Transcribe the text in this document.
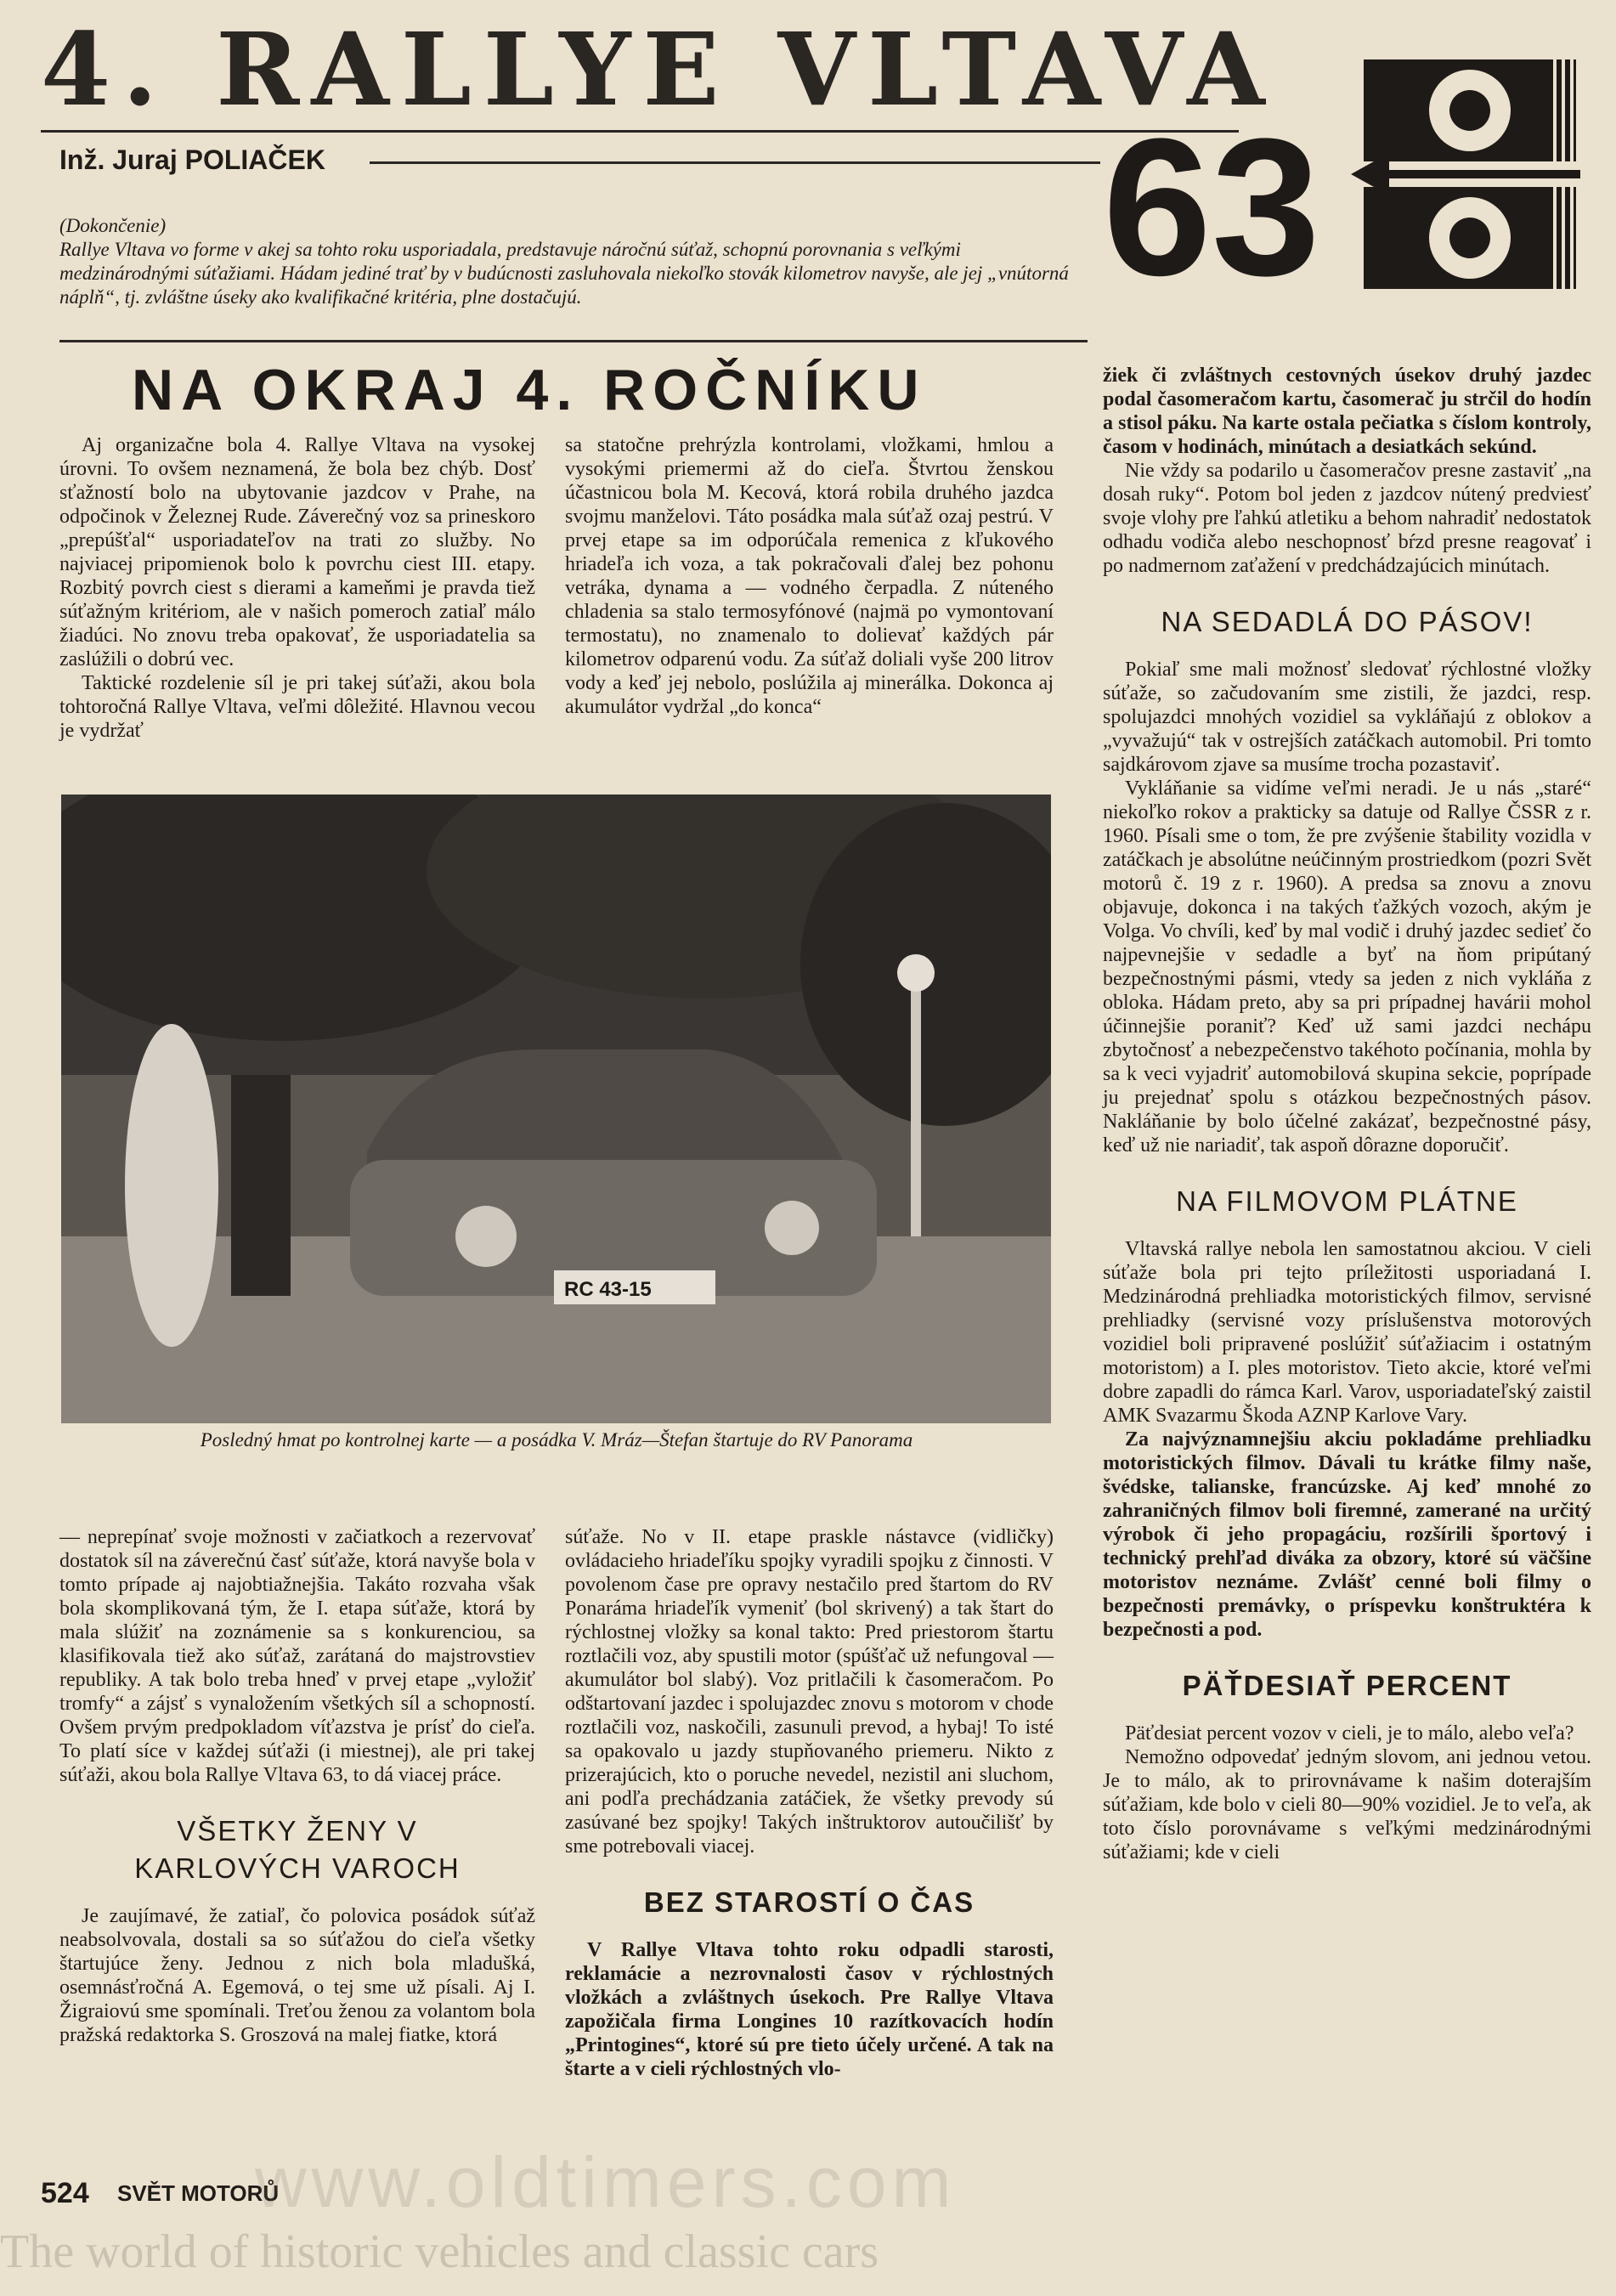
4. RALLYE VLTAVA
Inž. Juraj POLIAČEK	63

(Dokončenie)

Rallye Vltava vo forme v akej sa tohto roku usporiadala, predstavuje náročnú súťaž, schopnú porovnania s veľkými medzinárodnými súťažiami. Hádam jediné trať by v budúcnosti zasluhovala niekoľko stovák kilometrov navyše, ale jej „vnútorná náplň“, tj. zvláštne úseky ako kvalifikačné kritéria, plne dostačujú.

NA OKRAJ 4. ROČNÍKU

Aj organizačne bola 4. Rallye Vltava na vysokej úrovni. To ovšem neznamená, že bola bez chýb. Dosť sťažností bolo na ubytovanie jazdcov v Prahe, na odpočinok v Železnej Rude. Záverečný voz sa prineskoro „prepúšťal“ usporiadateľov na trati zo služby. No najviacej pripomienok bolo k povrchu ciest III. etapy. Rozbitý povrch ciest s dierami a kameňmi je pravda tiež súťažným kritériom, ale v našich pomeroch zatiaľ málo žiadúci. No znovu treba opakovať, že usporiadatelia sa zaslúžili o dobrú vec.

Taktické rozdelenie síl je pri takej súťaži, akou bola tohtoročná Rallye Vltava, veľmi dôležité. Hlavnou vecou je vydržať

sa statočne prehrýzla kontrolami, vložkami, hmlou a vysokými priemermi až do cieľa. Štvrtou ženskou účastnicou bola M. Kecová, ktorá robila druhého jazdca svojmu manželovi. Táto posádka mala súťaž ozaj pestrú. V prvej etape sa im odporúčala remenica z kľukového hriadeľa ich voza, a tak pokračovali ďalej bez pohonu vetráka, dynama a — vodného čerpadla. Z núteného chladenia sa stalo termosyfónové (najmä po vymontovaní termostatu), no znamenalo to dolievať každých pár kilometrov odparenú vodu. Za súťaž doliali vyše 200 litrov vody a keď jej nebolo, poslúžila aj minerálka. Dokonca aj akumulátor vydržal „do konca“

žiek či zvláštnych cestovných úsekov druhý jazdec podal časomeračom kartu, časomerač ju strčil do hodín a stisol páku. Na karte ostala pečiatka s číslom kontroly, časom v hodinách, minútach a desiatkách sekúnd.

Nie vždy sa podarilo u časomeračov presne zastaviť „na dosah ruky“. Potom bol jeden z jazdcov nútený predviesť svoje vlohy pre ľahkú atletiku a behom nahradiť nedostatok odhadu vodiča alebo neschopnosť bŕzd presne reagovať i po nadmernom zaťažení v predchádzajúcich minútach.

NA SEDADLÁ DO PÁSOV!

Pokiaľ sme mali možnosť sledovať rýchlostné vložky súťaže, so začudovaním sme zistili, že jazdci, resp. spolujazdci mnohých vozidiel sa vykláňajú z oblokov a „vyvažujú“ tak v ostrejších zatáčkach automobil. Pri tomto sajdkárovom zjave sa musíme trocha pozastaviť.

Vykláňanie sa vidíme veľmi neradi. Je u nás „staré“ niekoľko rokov a prakticky sa datuje od Rallye ČSSR z r. 1960. Písali sme o tom, že pre zvýšenie štability vozidla v zatáčkach je absolútne neúčinným prostriedkom (pozri Svět motorů č. 19 z r. 1960). A predsa sa znovu a znovu objavuje, dokonca i na takých ťažkých vozoch, akým je Volga. Vo chvíli, keď by mal vodič i druhý jazdec sedieť čo najpevnejšie v sedadle a byť na ňom pripútaný bezpečnostnými pásmi, vtedy sa jeden z nich vykláňa z obloka. Hádam preto, aby sa pri prípadnej havárii mohol účinnejšie poraniť? Keď už sami jazdci nechápu zbytočnosť a nebezpečenstvo takéhoto počínania, mohla by sa k veci vyjadriť automobilová skupina sekcie, poprípade ju prejednať spolu s otázkou bezpečnostných pásov. Nakláňanie by bolo účelné zakázať, bezpečnostné pásy, keď už nie nariadiť, tak aspoň dôrazne doporučiť.

NA FILMOVOM PLÁTNE

Vltavská rallye nebola len samostatnou akciou. V cieli súťaže bola pri tejto príležitosti usporiadaná I. Medzinárodná prehliadka motoristických filmov, servisné prehliadky (servisné vozy príslušenstva motorových vozidiel boli pripravené poslúžiť súťažiacim i ostatným motoristom) a I. ples motoristov. Tieto akcie, ktoré veľmi dobre zapadli do rámca Karl. Varov, usporiadateľský zaistil AMK Svazarmu Škoda AZNP Karlove Vary.

Za najvýznamnejšiu akciu pokladáme prehliadku motoristických filmov. Dávali tu krátke filmy naše, švédske, talianske, francúzske. Aj keď mnohé zo zahraničných filmov boli firemné, zamerané na určitý výrobok či jeho propagáciu, rozšírili športový i technický prehľad diváka za obzory, ktoré sú väčšine motoristov neznáme. Zvlášť cenné boli filmy o bezpečnosti premávky, o príspevku konštruktéra k bezpečnosti a pod.

PÄŤDESIAŤ PERCENT

Päťdesiat percent vozov v cieli, je to málo, alebo veľa?

Nemožno odpovedať jedným slovom, ani jednou vetou. Je to málo, ak to prirovnávame k našim doterajším súťažiam, kde bolo v cieli 80—90% vozidiel. Je to veľa, ak toto číslo porovnávame s veľkými medzinárodnými súťažiami; kde v cieli

RC 43-15
Posledný hmat po kontrolnej karte — a posádka V. Mráz—Štefan štartuje do RV Panorama

— neprepínať svoje možnosti v začiatkoch a rezervovať dostatok síl na záverečnú časť súťaže, ktorá navyše bola v tomto prípade aj najobtiažnejšia. Takáto rozvaha však bola skomplikovaná tým, že I. etapa súťaže, ktorá by mala slúžiť na zoznámenie sa s konkurenciou, sa klasifikovala tiež ako súťaž, zarátaná do majstrovstiev republiky. A tak bolo treba hneď v prvej etape „vyložiť tromfy“ a zájsť s vynaložením všetkých síl a schopností. Ovšem prvým predpokladom víťazstva je prísť do cieľa. To platí síce v každej súťaži (i miestnej), ale pri takej súťaži, akou bola Rallye Vltava 63, to dá viacej práce.

VŠETKY ŽENY V KARLOVÝCH VAROCH

Je zaujímavé, že zatiaľ, čo polovica posádok súťaž neabsolvovala, dostali sa so súťažou do cieľa všetky štartujúce ženy. Jednou z nich bola mladušká, osemnásťročná A. Egemová, o tej sme už písali. Aj I. Žigraiovú sme spomínali. Treťou ženou za volantom bola pražská redaktorka S. Groszová na malej fiatke, ktorá

súťaže. No v II. etape praskle nástavce (vidličky) ovládacieho hriadeľíku spojky vyradili spojku z činnosti. V povolenom čase pre opravy nestačilo pred štartom do RV Ponaráma hriadeľík vymeniť (bol skrivený) a tak štart do rýchlostnej vložky sa konal takto: Pred priestorom štartu roztlačili voz, aby spustili motor (spúšťač už nefungoval — akumulátor bol slabý). Voz pritlačili k časomeračom. Po odštartovaní jazdec i spolujazdec znovu s motorom v chode roztlačili voz, naskočili, zasunuli prevod, a hybaj! To isté sa opakovalo u jazdy stupňovaného priemeru. Nikto z prizerajúcich, kto o poruche nevedel, nezistil ani sluchom, ani podľa prechádzania zatáčiek, že všetky prevody sú zasúvané bez spojky! Takých inštruktorov autoučilišť by sme potrebovali viacej.

BEZ STAROSTÍ O ČAS

V Rallye Vltava tohto roku odpadli starosti, reklamácie a nezrovnalosti časov v rýchlostných vložkách a zvláštnych úsekoch. Pre Rallye Vltava zapožičala firma Longines 10 razítkovacích hodín „Printogines“, ktoré sú pre tieto účely určené. A tak na štarte a v cieli rýchlostných vlo-

524 SVĚT MOTORŮ
www.oldtimers.com
The world of historic vehicles and classic cars
